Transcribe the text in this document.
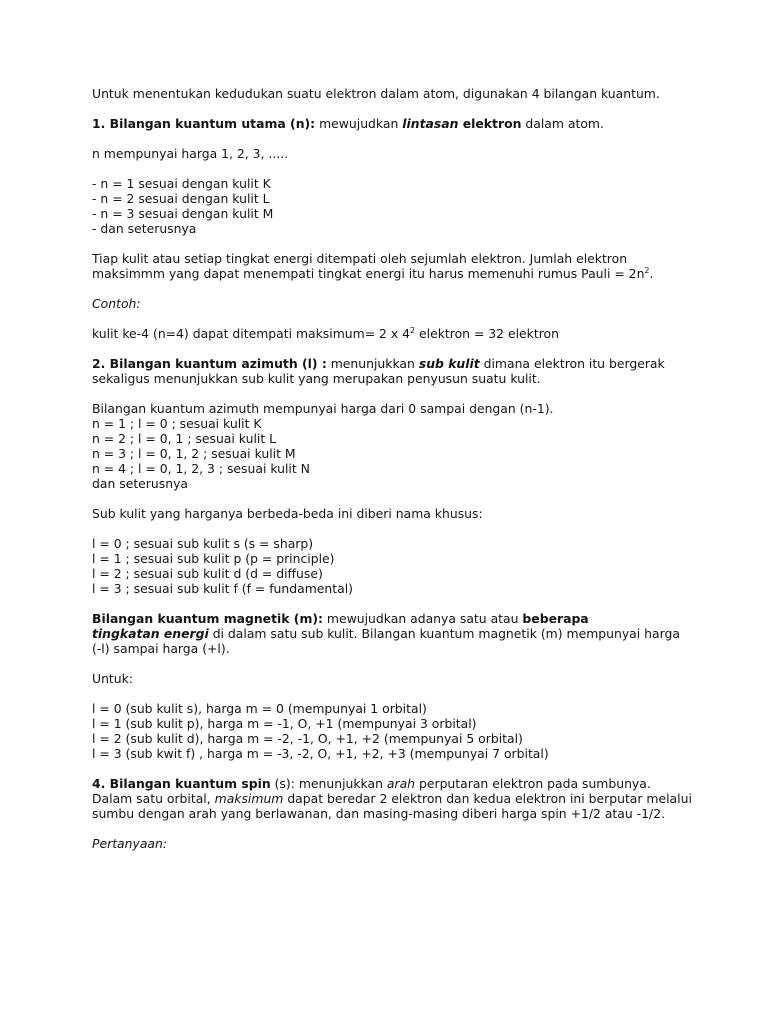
Untuk menentukan kedudukan suatu elektron dalam atom, digunakan 4 bilangan kuantum.

1. Bilangan kuantum utama (n): mewujudkan lintasan elektron dalam atom.

n mempunyai harga 1, 2, 3, .....

- n = 1 sesuai dengan kulit K

- n = 2 sesuai dengan kulit L

- n = 3 sesuai dengan kulit M

- dan seterusnya

Tiap kulit atau setiap tingkat energi ditempati oleh sejumlah elektron. Jumlah elektron maksimmm yang dapat menempati tingkat energi itu harus memenuhi rumus Pauli = $2n^2$.

Contoh:

kulit ke-4 (n=4) dapat ditempati maksimum= 2 x $4^2$ elektron = 32 elektron

2. Bilangan kuantum azimuth (l) : menunjukkan sub kulit dimana elektron itu bergerak sekaligus menunjukkan sub kulit yang merupakan penyusun suatu kulit.

Bilangan kuantum azimuth mempunyai harga dari 0 sampai dengan (n-1).

n = 1 ; l = 0 ; sesuai kulit K

n = 2 ; l = 0, 1 ; sesuai kulit L

n = 3 ; l = 0, 1, 2 ; sesuai kulit M

n = 4 ; l = 0, 1, 2, 3 ; sesuai kulit N

dan seterusnya

Sub kulit yang harganya berbeda-beda ini diberi nama khusus:

l = 0 ; sesuai sub kulit s (s = sharp)

l = 1 ; sesuai sub kulit p (p = principle)

l = 2 ; sesuai sub kulit d (d = diffuse)

l = 3 ; sesuai sub kulit f (f = fundamental)

Bilangan kuantum magnetik (m): mewujudkan adanya satu atau beberapa
tingkatan energi di dalam satu sub kulit. Bilangan kuantum magnetik (m) mempunyai harga (-l) sampai harga (+l).

Untuk:

l = 0 (sub kulit s), harga m = 0 (mempunyai 1 orbital)

l = 1 (sub kulit p), harga m = -1, O, +1 (mempunyai 3 orbital)

l = 2 (sub kulit d), harga m = -2, -1, O, +1, +2 (mempunyai 5 orbital)

l = 3 (sub kwit f) , harga m = -3, -2, O, +1, +2, +3 (mempunyai 7 orbital)

4. Bilangan kuantum spin (s): menunjukkan arah perputaran elektron pada sumbunya.

Dalam satu orbital, maksimum dapat beredar 2 elektron dan kedua elektron ini berputar melalui sumbu dengan arah yang berlawanan, dan masing-masing diberi harga spin +1/2 atau -1/2.

Pertanyaan:
